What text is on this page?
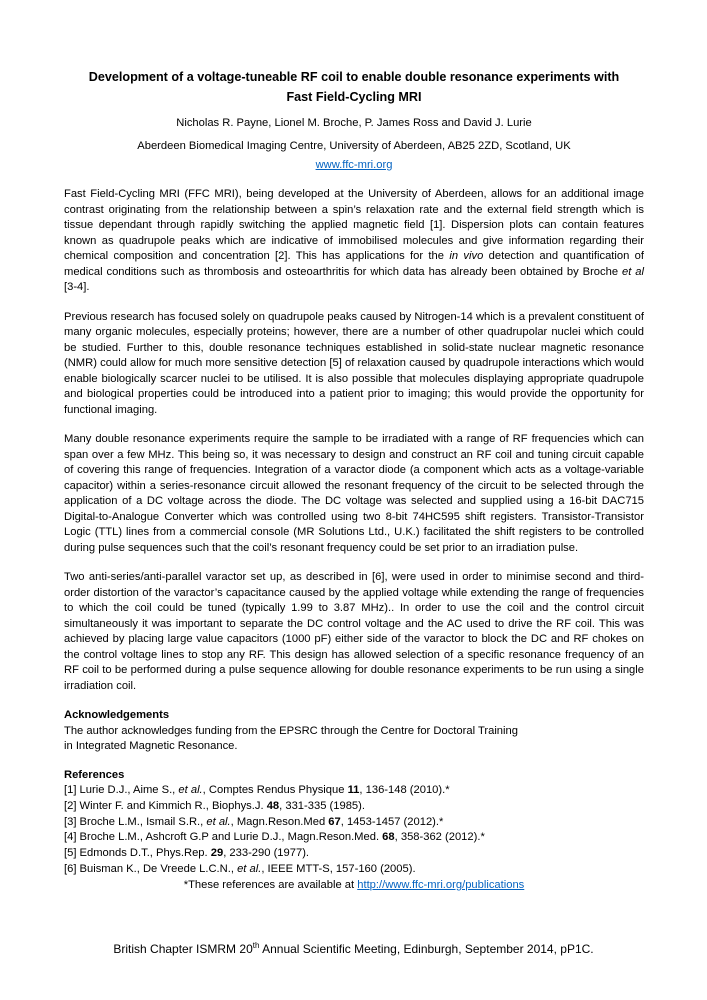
Development of a voltage-tuneable RF coil to enable double resonance experiments with Fast Field-Cycling MRI
Nicholas R. Payne, Lionel M. Broche, P. James Ross and David J. Lurie
Aberdeen Biomedical Imaging Centre, University of Aberdeen, AB25 2ZD, Scotland, UK
www.ffc-mri.org

Fast Field-Cycling MRI (FFC MRI), being developed at the University of Aberdeen, allows for an additional image contrast originating from the relationship between a spin’s relaxation rate and the external field strength which is tissue dependant through rapidly switching the applied magnetic field [1]. Dispersion plots can contain features known as quadrupole peaks which are indicative of immobilised molecules and give information regarding their chemical composition and concentration [2]. This has applications for the in vivo detection and quantification of medical conditions such as thrombosis and osteoarthritis for which data has already been obtained by Broche et al [3-4].

Previous research has focused solely on quadrupole peaks caused by Nitrogen-14 which is a prevalent constituent of many organic molecules, especially proteins; however, there are a number of other quadrupolar nuclei which could be studied. Further to this, double resonance techniques established in solid-state nuclear magnetic resonance (NMR) could allow for much more sensitive detection [5] of relaxation caused by quadrupole interactions which would enable biologically scarcer nuclei to be utilised. It is also possible that molecules displaying appropriate quadrupole and biological properties could be introduced into a patient prior to imaging; this would provide the opportunity for functional imaging.

Many double resonance experiments require the sample to be irradiated with a range of RF frequencies which can span over a few MHz. This being so, it was necessary to design and construct an RF coil and tuning circuit capable of covering this range of frequencies. Integration of a varactor diode (a component which acts as a voltage-variable capacitor) within a series-resonance circuit allowed the resonant frequency of the circuit to be selected through the application of a DC voltage across the diode. The DC voltage was selected and supplied using a 16-bit DAC715 Digital-to-Analogue Converter which was controlled using two 8-bit 74HC595 shift registers. Transistor-Transistor Logic (TTL) lines from a commercial console (MR Solutions Ltd., U.K.) facilitated the shift registers to be controlled during pulse sequences such that the coil’s resonant frequency could be set prior to an irradiation pulse.

Two anti-series/anti-parallel varactor set up, as described in [6], were used in order to minimise second and third-order distortion of the varactor’s capacitance caused by the applied voltage while extending the range of frequencies to which the coil could be tuned (typically 1.99 to 3.87 MHz).. In order to use the coil and the control circuit simultaneously it was important to separate the DC control voltage and the AC used to drive the RF coil. This was achieved by placing large value capacitors (1000 pF) either side of the varactor to block the DC and RF chokes on the control voltage lines to stop any RF. This design has allowed selection of a specific resonance frequency of an RF coil to be performed during a pulse sequence allowing for double resonance experiments to be run using a single irradiation coil.

Acknowledgements
The author acknowledges funding from the EPSRC through the Centre for Doctoral Training
in Integrated Magnetic Resonance.
References
[1] Lurie D.J., Aime S., et al., Comptes Rendus Physique 11, 136-148 (2010).*
[2] Winter F. and Kimmich R., Biophys.J. 48, 331-335 (1985).
[3] Broche L.M., Ismail S.R., et al., Magn.Reson.Med 67, 1453-1457 (2012).*
[4] Broche L.M., Ashcroft G.P and Lurie D.J., Magn.Reson.Med. 68, 358-362 (2012).*
[5] Edmonds D.T., Phys.Rep. 29, 233-290 (1977).
[6] Buisman K., De Vreede L.C.N., et al., IEEE MTT-S, 157-160 (2005).
*These references are available at http://www.ffc-mri.org/publications
British Chapter ISMRM 20th Annual Scientific Meeting, Edinburgh, September 2014, pP1C.
